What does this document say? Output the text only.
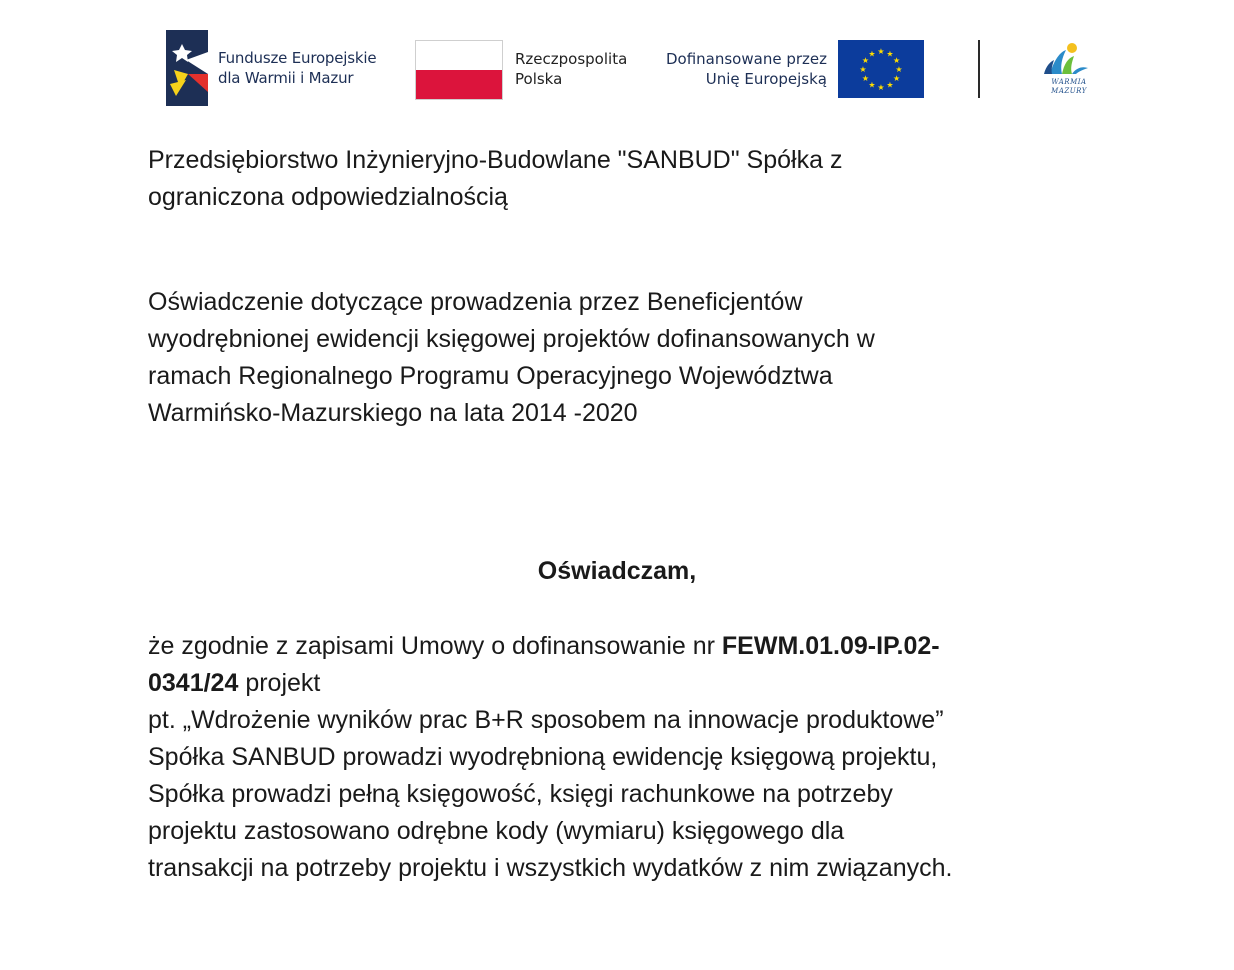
Fundusze Europejskie
dla Warmii i Mazur
Rzeczpospolita
Polska
Dofinansowane przez
Unię Europejską
★ ★
★
★
★
★
★
★
★
★
★
★
WARMIA
MAZURY
Przedsiębiorstwo Inżynieryjno-Budowlane "SANBUD" Spółka z
ograniczona odpowiedzialnością
Oświadczenie dotyczące prowadzenia przez Beneficjentów
wyodrębnionej ewidencji księgowej projektów dofinansowanych w
ramach Regionalnego Programu Operacyjnego Województwa
Warmińsko-Mazurskiego na lata 2014 -2020
Oświadczam,
że zgodnie z zapisami Umowy o dofinansowanie nr FEWM.01.09-IP.02-
0341/24 projekt
pt. „Wdrożenie wyników prac B+R sposobem na innowacje produktowe”
Spółka SANBUD prowadzi wyodrębnioną ewidencję księgową projektu,
Spółka prowadzi pełną księgowość, księgi rachunkowe na potrzeby
projektu zastosowano odrębne kody (wymiaru) księgowego dla
transakcji na potrzeby projektu i wszystkich wydatków z nim związanych.
